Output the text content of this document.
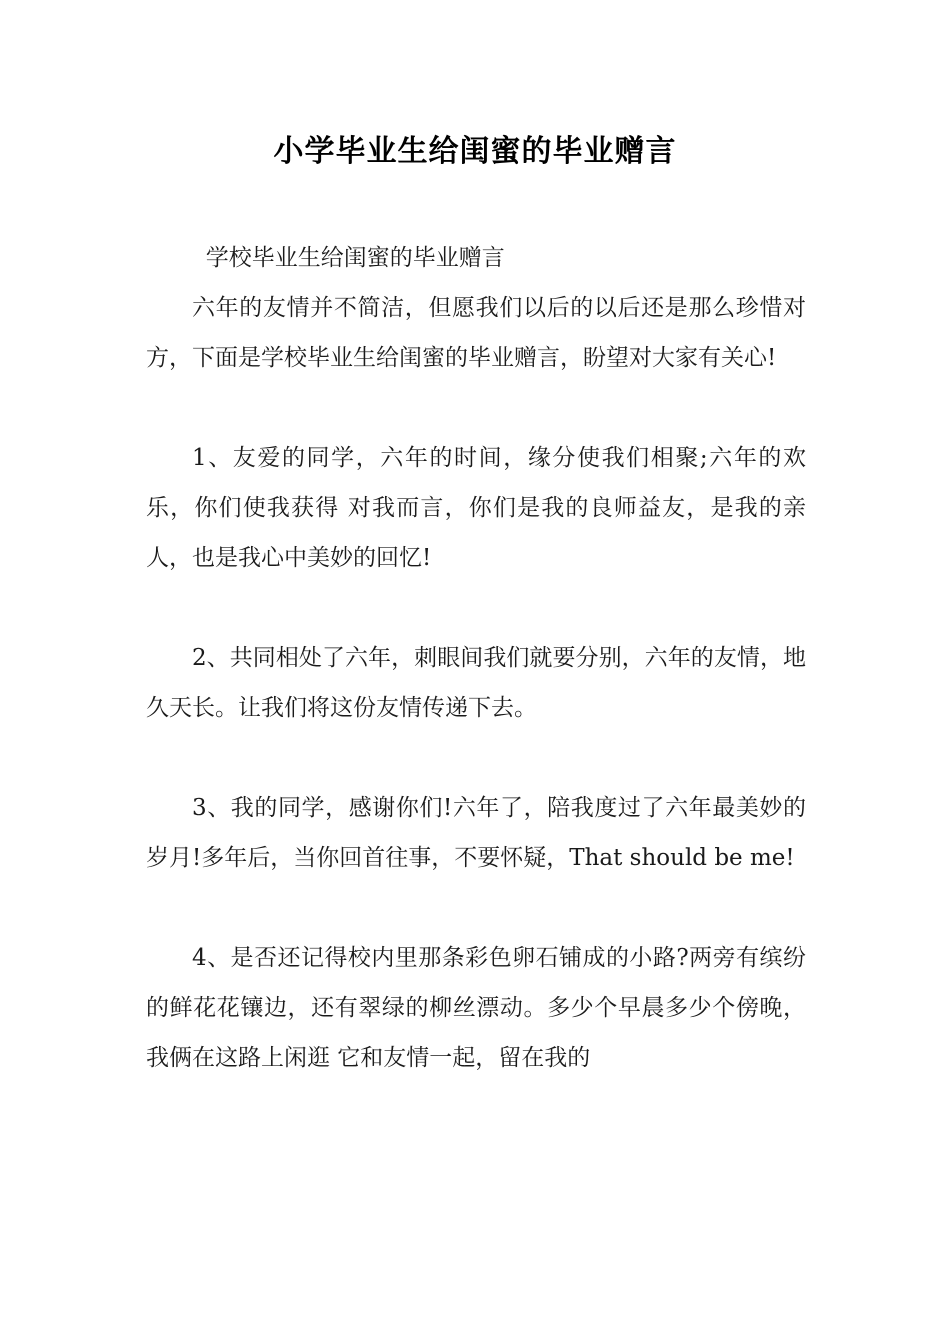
小学毕业生给闺蜜的毕业赠言

学校毕业生给闺蜜的毕业赠言

六年的友情并不简洁，但愿我们以后的以后还是那么珍惜对方，下面是学校毕业生给闺蜜的毕业赠言，盼望对大家有关心!

1、友爱的同学，六年的时间，缘分使我们相聚;六年的欢乐，你们使我获得 对我而言，你们是我的良师益友，是我的亲人，也是我心中美妙的回忆!

2、共同相处了六年，刺眼间我们就要分别，六年的友情，地久天长。让我们将这份友情传递下去。

3、我的同学，感谢你们!六年了，陪我度过了六年最美妙的岁月!多年后，当你回首往事，不要怀疑，That should be me!

4、是否还记得校内里那条彩色卵石铺成的小路?两旁有缤纷的鲜花花镶边，还有翠绿的柳丝漂动。多少个早晨多少个傍晚，我俩在这路上闲逛 它和友情一起，留在我的
